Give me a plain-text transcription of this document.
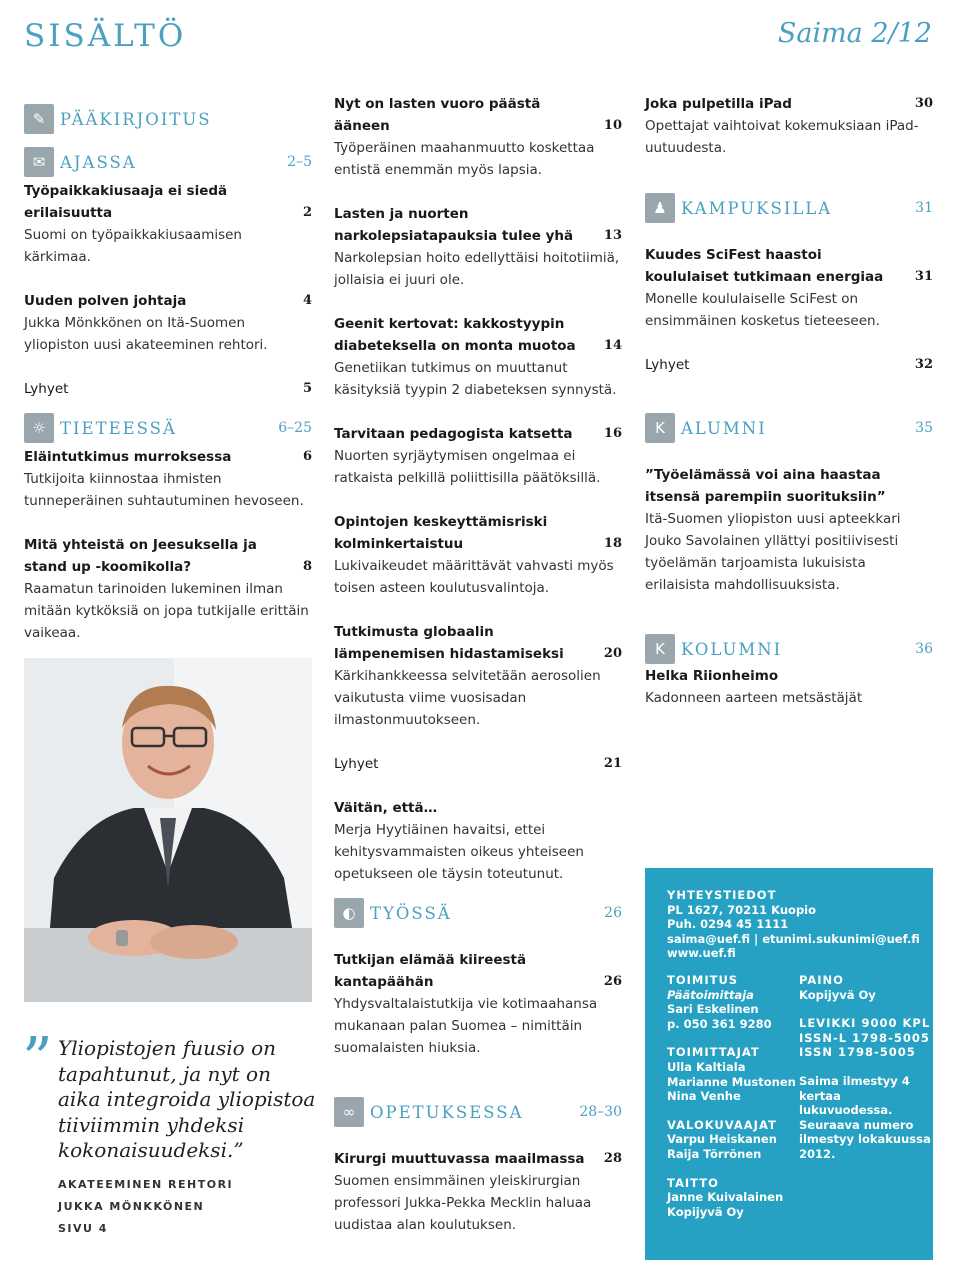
SISÄLTÖ	Saima 2/12
✎ PÄÄKIRJOITUS
✉ AJASSA	2–5
Työpaikkakiusaaja ei siedä erilaisuutta	2
Suomi on työpaikkakiusaamisen kärkimaa.
Uuden polven johtaja	4
Jukka Mönkkönen on Itä-Suomen yliopiston uusi akateeminen rehtori.
Lyhyet	5
☼ TIETEESSÄ	6–25
Eläintutkimus murroksessa	6
Tutkijoita kiinnostaa ihmisten tunneperäinen suhtautuminen hevoseen.
Mitä yhteistä on Jeesuksella ja stand up -koomikolla?	8
Raamatun tarinoiden lukeminen ilman mitään kytköksiä on jopa tutkijalle erittäin vaikeaa.
” Yliopistojen fuusio on tapahtunut, ja nyt on aika integroida yliopistoa tiiviimmin yhdeksi kokonaisuudeksi.”
AKATEEMINEN REHTORI
JUKKA MÖNKKÖNEN
SIVU 4
Nyt on lasten vuoro päästä ääneen	10
Työperäinen maahanmuutto koskettaa entistä enemmän myös lapsia.
Lasten ja nuorten narkolepsiatapauksia tulee yhä	13
Narkolepsian hoito edellyttäisi hoitotiimiä, jollaisia ei juuri ole.
Geenit kertovat: kakkostyypin diabeteksella on monta muotoa	14
Genetiikan tutkimus on muuttanut käsityksiä tyypin 2 diabeteksen synnystä.
Tarvitaan pedagogista katsetta	16
Nuorten syrjäytymisen ongelmaa ei ratkaista pelkillä poliittisilla päätöksillä.
Opintojen keskeyttämisriski kolminkertaistuu	18
Lukivaikeudet määrittävät vahvasti myös toisen asteen koulutusvalintoja.
Tutkimusta globaalin lämpenemisen hidastamiseksi	20
Kärkihankkeessa selvitetään aerosolien vaikutusta viime vuosisadan ilmastonmuutokseen.
Lyhyet	21
Väitän, että…
Merja Hyytiäinen havaitsi, ettei kehitysvammaisten oikeus yhteiseen opetukseen ole täysin toteutunut.
◐ TYÖSSÄ	26
Tutkijan elämää kiireestä kantapäähän	26
Yhdysvaltalaistutkija vie kotimaahansa mukanaan palan Suomea – nimittäin suomalaisten hiuksia.
∞ OPETUKSESSA	28–30
Kirurgi muuttuvassa maailmassa	28
Suomen ensimmäinen yleiskirurgian professori Jukka-Pekka Mecklin haluaa uudistaa alan koulutuksen.
Joka pulpetilla iPad	30
Opettajat vaihtoivat kokemuksiaan iPad-uutuudesta.
♟ KAMPUKSILLA	31
Kuudes SciFest haastoi koululaiset tutkimaan energiaa	31
Monelle koululaiselle SciFest on ensimmäinen kosketus tieteeseen.
Lyhyet	32
K ALUMNI	35
”Työelämässä voi aina haastaa itsensä parempiin suorituksiin”
Itä-Suomen yliopiston uusi apteekkari Jouko Savolainen yllättyi positiivisesti työelämän tarjoamista lukuisista erilaisista mahdollisuuksista.
K KOLUMNI	36
Helka Riionheimo
Kadonneen aarteen metsästäjät
YHTEYSTIEDOT
PL 1627, 70211 Kuopio
Puh. 0294 45 1111
saima@uef.fi | etunimi.sukunimi@uef.fi
www.uef.fi
TOIMITUS
Päätoimittaja
Sari Eskelinen
p. 050 361 9280
TOIMITTAJAT
Ulla Kaltiala
Marianne Mustonen
Nina Venhe
VALOKUVAAJAT
Varpu Heiskanen
Raija Törrönen
TAITTO
Janne Kuivalainen
Kopijyvä Oy
PAINO
Kopijyvä Oy
LEVIKKI 9000 KPL
ISSN-L 1798-5005
ISSN 1798-5005
Saima ilmestyy 4 kertaa lukuvuodessa. Seuraava numero ilmestyy lokakuussa 2012.
